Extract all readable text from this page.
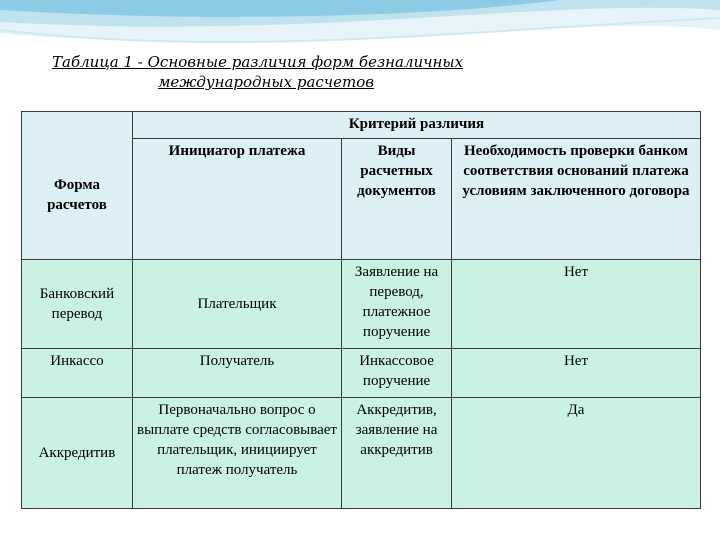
Таблица 1 - Основные различия форм безналичных
международных расчетов
Форма расчетов	Критерий различия		
	Инициатор платежа	Виды расчетных документов	Необходимость проверки банком соответствия оснований платежа условиям заключенного договора
Банковский перевод	Плательщик	Заявление на перевод, платежное поручение	Нет
Инкассо	Получатель	Инкассовое поручение	Нет
Аккредитив	Первоначально вопрос о выплате средств согласовывает плательщик, инициирует платеж получатель	Аккредитив, заявление на аккредитив	Да
